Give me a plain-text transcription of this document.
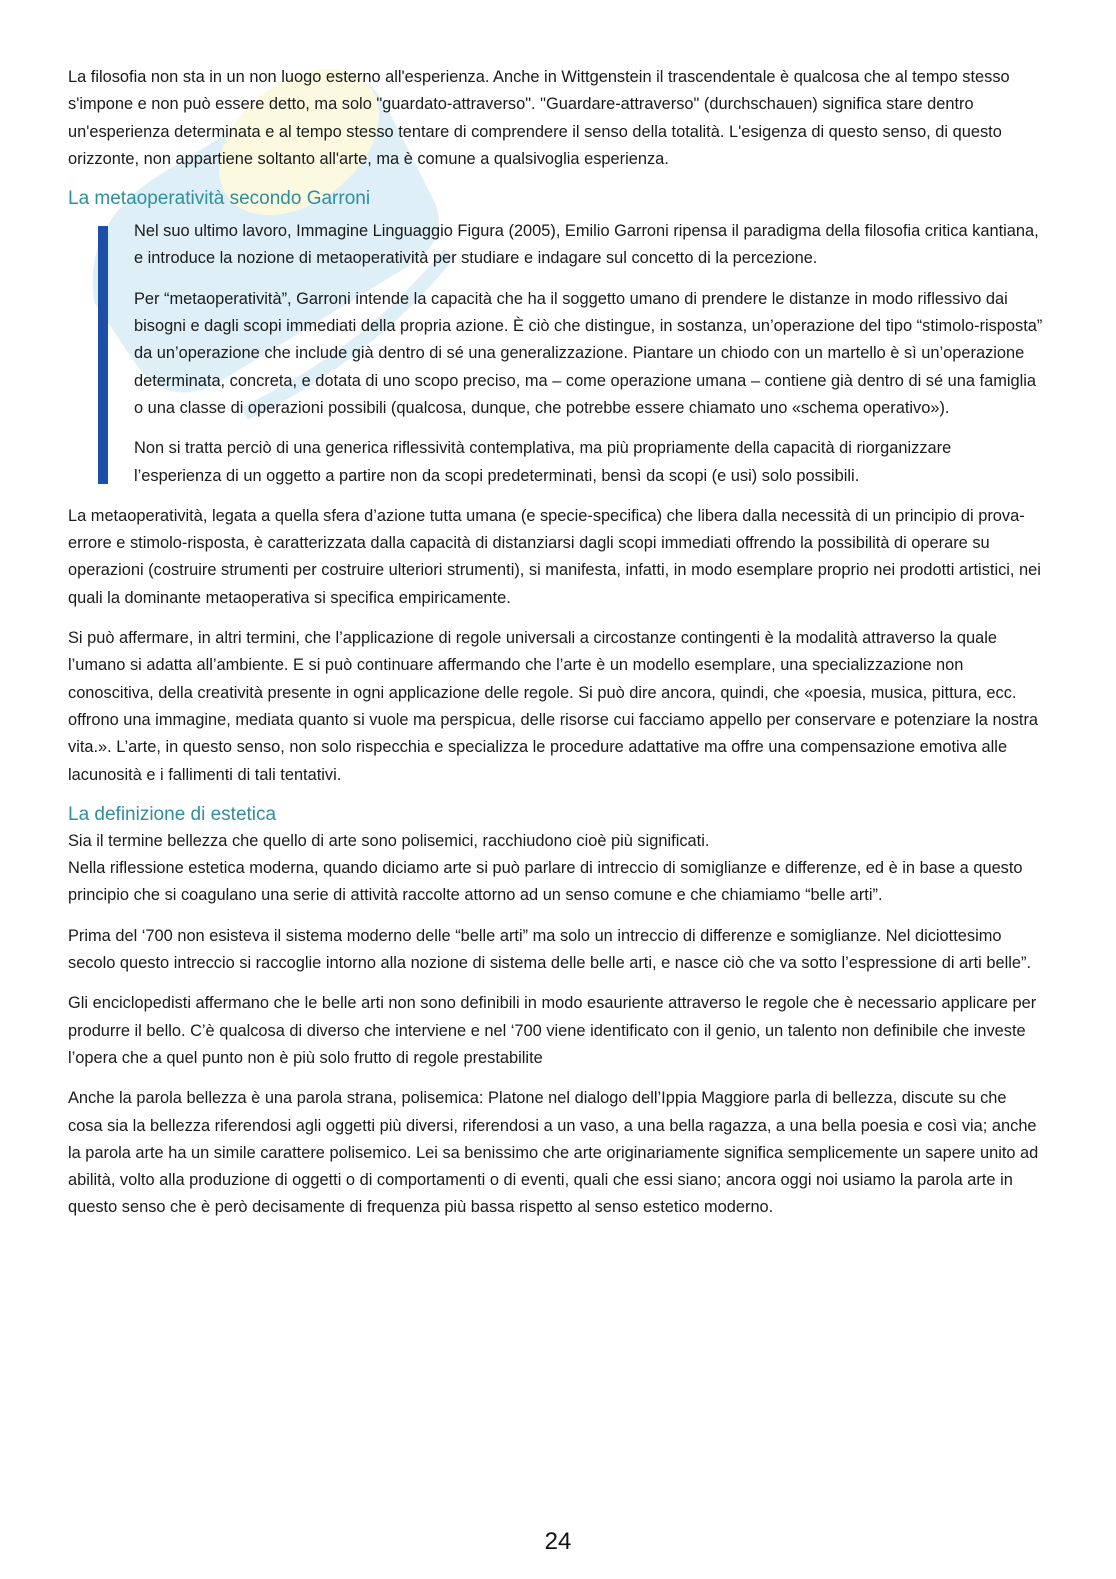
La filosofia non sta in un non luogo esterno all'esperienza. Anche in Wittgenstein il trascendentale è qualcosa che al tempo stesso s'impone e non può essere detto, ma solo "guardato-attraverso". "Guardare-attraverso" (durchschauen) significa stare dentro un'esperienza determinata e al tempo stesso tentare di comprendere il senso della totalità. L'esigenza di questo senso, di questo orizzonte, non appartiene soltanto all'arte, ma è comune a qualsivoglia esperienza.

La metaoperatività secondo Garroni

Nel suo ultimo lavoro, Immagine Linguaggio Figura (2005), Emilio Garroni ripensa il paradigma della filosofia critica kantiana, e introduce la nozione di metaoperatività per studiare e indagare sul concetto di la percezione.

Per “metaoperatività”, Garroni intende la capacità che ha il soggetto umano di prendere le distanze in modo riflessivo dai bisogni e dagli scopi immediati della propria azione. È ciò che distingue, in sostanza, un’operazione del tipo “stimolo-risposta” da un’operazione che include già dentro di sé una generalizzazione. Piantare un chiodo con un martello è sì un’operazione determinata, concreta, e dotata di uno scopo preciso, ma – come operazione umana – contiene già dentro di sé una famiglia o una classe di operazioni possibili (qualcosa, dunque, che potrebbe essere chiamato uno «schema operativo»).

Non si tratta perciò di una generica riflessività contemplativa, ma più propriamente della capacità di riorganizzare l’esperienza di un oggetto a partire non da scopi predeterminati, bensì da scopi (e usi) solo possibili.

La metaoperatività, legata a quella sfera d’azione tutta umana (e specie-specifica) che libera dalla necessità di un principio di prova-errore e stimolo-risposta, è caratterizzata dalla capacità di distanziarsi dagli scopi immediati offrendo la possibilità di operare su operazioni (costruire strumenti per costruire ulteriori strumenti), si manifesta, infatti, in modo esemplare proprio nei prodotti artistici, nei quali la dominante metaoperativa si specifica empiricamente.

Si può affermare, in altri termini, che l’applicazione di regole universali a circostanze contingenti è la modalità attraverso la quale l’umano si adatta all’ambiente. E si può continuare affermando che l’arte è un modello esemplare, una specializzazione non conoscitiva, della creatività presente in ogni applicazione delle regole. Si può dire ancora, quindi, che «poesia, musica, pittura, ecc. offrono una immagine, mediata quanto si vuole ma perspicua, delle risorse cui facciamo appello per conservare e potenziare la nostra vita.». L’arte, in questo senso, non solo rispecchia e specializza le procedure adattative ma offre una compensazione emotiva alle lacunosità e i fallimenti di tali tentativi.

La definizione di estetica

Sia il termine bellezza che quello di arte sono polisemici, racchiudono cioè più significati.

Nella riflessione estetica moderna, quando diciamo arte si può parlare di intreccio di somiglianze e differenze, ed è in base a questo principio che si coagulano una serie di attività raccolte attorno ad un senso comune e che chiamiamo “belle arti”.

Prima del ‘700 non esisteva il sistema moderno delle “belle arti” ma solo un intreccio di differenze e somiglianze. Nel diciottesimo secolo questo intreccio si raccoglie intorno alla nozione di sistema delle belle arti, e nasce ciò che va sotto l’espressione di arti belle”.

Gli enciclopedisti affermano che le belle arti non sono definibili in modo esauriente attraverso le regole che è necessario applicare per produrre il bello. C’è qualcosa di diverso che interviene e nel ‘700 viene identificato con il genio, un talento non definibile che investe l’opera che a quel punto non è più solo frutto di regole prestabilite

Anche la parola bellezza è una parola strana, polisemica: Platone nel dialogo dell’Ippia Maggiore parla di bellezza, discute su che cosa sia la bellezza riferendosi agli oggetti più diversi, riferendosi a un vaso, a una bella ragazza, a una bella poesia e così via; anche la parola arte ha un simile carattere polisemico. Lei sa benissimo che arte originariamente significa semplicemente un sapere unito ad abilità, volto alla produzione di oggetti o di comportamenti o di eventi, quali che essi siano; ancora oggi noi usiamo la parola arte in questo senso che è però decisamente di frequenza più bassa rispetto al senso estetico moderno.

24
